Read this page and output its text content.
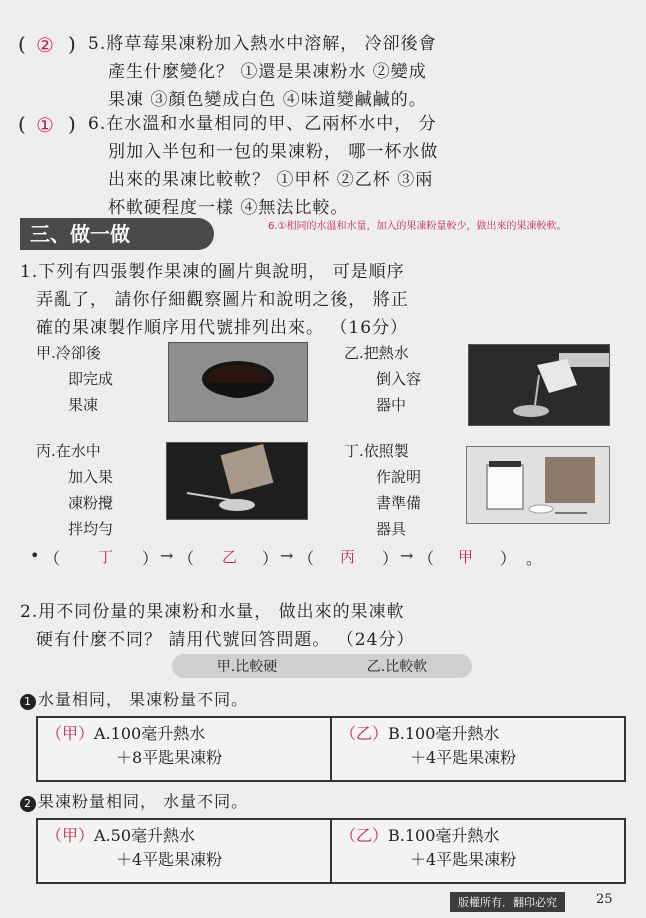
( ② ) 5.將草莓果凍粉加入熱水中溶解， 冷卻後會
產生什麼變化？ ①還是果凍粉水 ②變成
果凍 ③顏色變成白色 ④味道變鹹鹹的。
( ① ) 6.在水溫和水量相同的甲、乙兩杯水中， 分
別加入半包和一包的果凍粉， 哪一杯水做
出來的果凍比較軟？ ①甲杯 ②乙杯 ③兩
杯軟硬程度一樣 ④無法比較。
三、做一做	6.①相同的水溫和水量，加入的果凍粉量較少，做出來的果凍較軟。
1.下列有四張製作果凍的圖片與說明， 可是順序
弄亂了， 請你仔細觀察圖片和說明之後， 將正
確的果凍製作順序用代號排列出來。 （16分）
甲.冷卻後
即完成
果凍
乙.把熱水
倒入容
器中
丙.在水中
加入果
凍粉攪
拌均勻
丁.依照製
作說明
書準備
器具
• （	丁 ） → （ 乙 ） → （ 丙 ） → （ 甲 ） 。
2.用不同份量的果凍粉和水量， 做出來的果凍軟
硬有什麼不同？ 請用代號回答問題。 （24分）
甲.比較硬	乙.比較軟
1 水量相同， 果凍粉量不同。
（甲）A.100毫升熱水
＋8平匙果凍粉
（乙）B.100毫升熱水
＋4平匙果凍粉
2 果凍粉量相同， 水量不同。
（甲）A.50毫升熱水
＋4平匙果凍粉
（乙）B.100毫升熱水
＋4平匙果凍粉
版權所有．翻印必究	25
